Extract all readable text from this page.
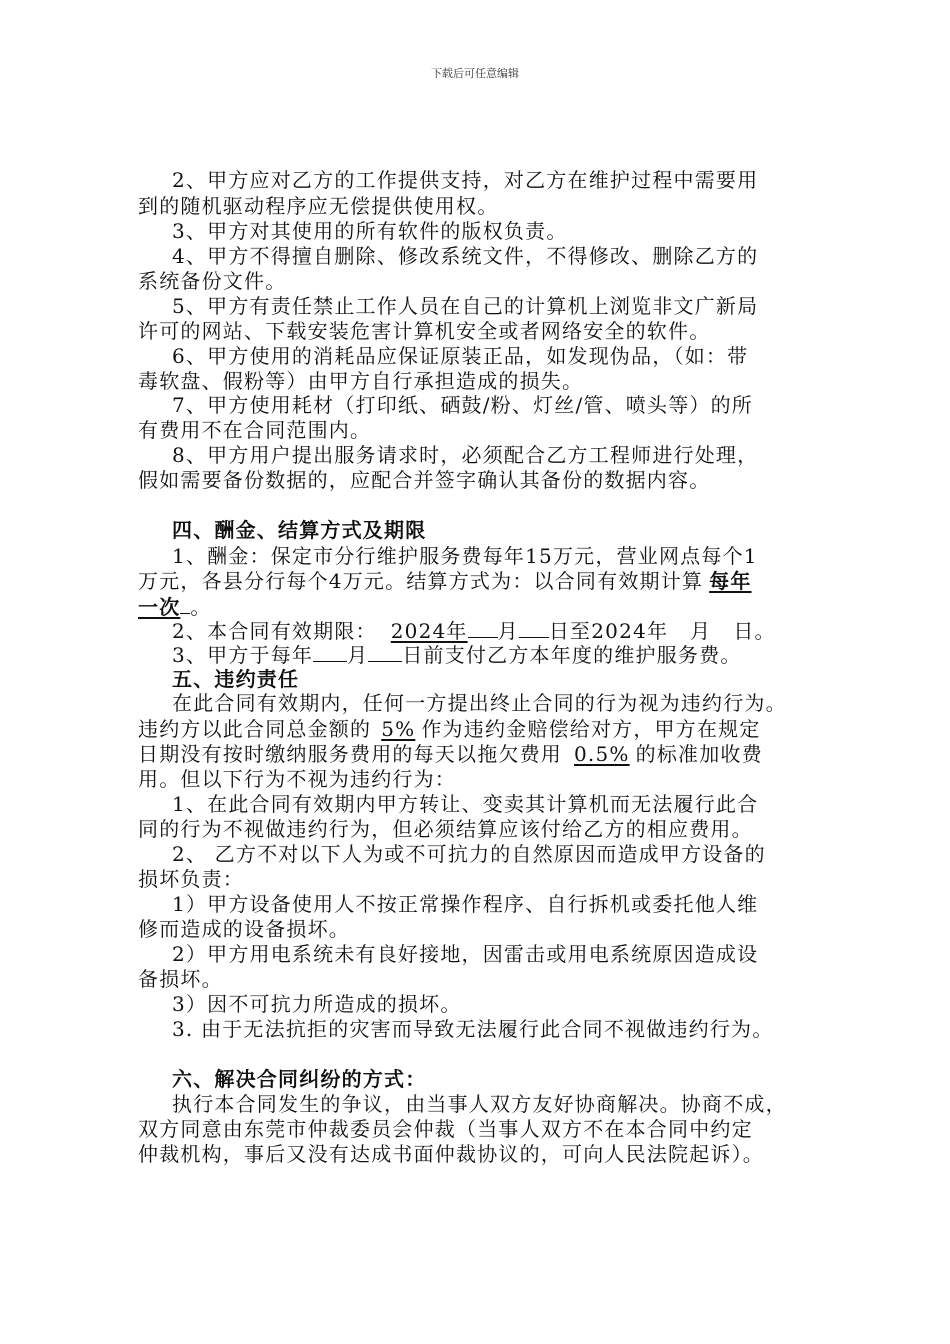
下载后可任意编辑
2、甲方应对乙方的工作提供支持，对乙方在维护过程中需要用
到的随机驱动程序应无偿提供使用权。
3、甲方对其使用的所有软件的版权负责。
4、甲方不得擅自删除、修改系统文件，不得修改、删除乙方的
系统备份文件。
5、甲方有责任禁止工作人员在自己的计算机上浏览非文广新局
许可的网站、下载安装危害计算机安全或者网络安全的软件。
6、甲方使用的消耗品应保证原装正品，如发现伪品，（如：带
毒软盘、假粉等）由甲方自行承担造成的损失。
7、甲方使用耗材（打印纸、硒鼓/粉、灯丝/管、喷头等）的所
有费用不在合同范围内。
8、甲方用户提出服务请求时，必须配合乙方工程师进行处理，
假如需要备份数据的，应配合并签字确认其备份的数据内容。
四、酬金、结算方式及期限
1、酬金：保定市分行维护服务费每年15万元，营业网点每个1
万元，各县分行每个4万元。结算方式为：以合同有效期计算 每年
一次 。
2、本合同有效期限： 2024年 月 日至2024年 月 日。
3、甲方于每年 月 日前支付乙方本年度的维护服务费。
五、违约责任
在此合同有效期内，任何一方提出终止合同的行为视为违约行为。
违约方以此合同总金额的 5% 作为违约金赔偿给对方，甲方在规定
日期没有按时缴纳服务费用的每天以拖欠费用 0.5% 的标准加收费
用。但以下行为不视为违约行为：
1、在此合同有效期内甲方转让、变卖其计算机而无法履行此合
同的行为不视做违约行为，但必须结算应该付给乙方的相应费用。
2、 乙方不对以下人为或不可抗力的自然原因而造成甲方设备的
损坏负责：
1）甲方设备使用人不按正常操作程序、自行拆机或委托他人维
修而造成的设备损坏。
2）甲方用电系统未有良好接地，因雷击或用电系统原因造成设
备损坏。
3）因不可抗力所造成的损坏。
3. 由于无法抗拒的灾害而导致无法履行此合同不视做违约行为。
六、解决合同纠纷的方式：
执行本合同发生的争议，由当事人双方友好协商解决。协商不成，
双方同意由东莞市仲裁委员会仲裁（当事人双方不在本合同中约定
仲裁机构，事后又没有达成书面仲裁协议的，可向人民法院起诉）。
